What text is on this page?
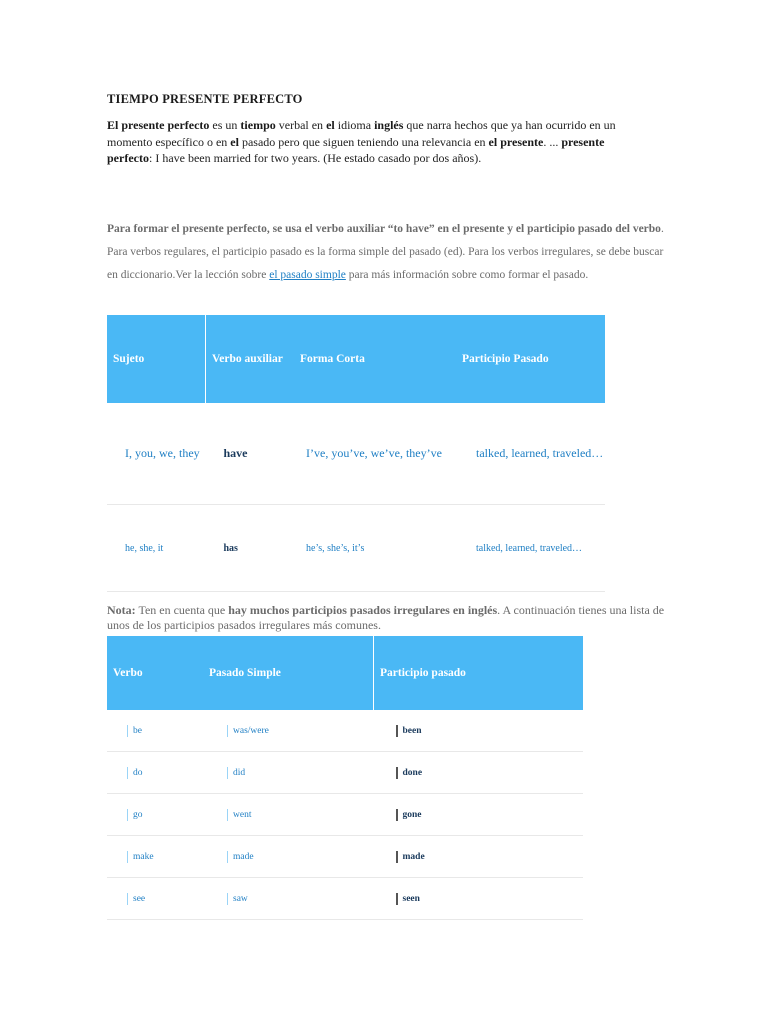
TIEMPO PRESENTE PERFECTO
El presente perfecto es un tiempo verbal en el idioma inglés que narra hechos que ya han ocurrido en un momento específico o en el pasado pero que siguen teniendo una relevancia en el presente. ... presente perfecto: I have been married for two years. (He estado casado por dos años).
Para formar el presente perfecto, se usa el verbo auxiliar “to have” en el presente y el participio pasado del verbo. Para verbos regulares, el participio pasado es la forma simple del pasado (ed). Para los verbos irregulares, se debe buscar en diccionario.Ver la lección sobre el pasado simple para más información sobre como formar el pasado.
Sujeto	Verbo auxiliar	Forma Corta	Participio Pasado
I, you, we, they	have	I’ve, you’ve, we’ve, they’ve	talked, learned, traveled…
he, she, it	has	he’s, she’s, it’s	talked, learned, traveled…
Nota: Ten en cuenta que hay muchos participios pasados irregulares en inglés. A continuación tienes una lista de unos de los participios pasados irregulares más comunes.
Verbo	Pasado Simple	Participio pasado
be	was/were	been
do	did	done
go	went	gone
make	made	made
see	saw	seen
